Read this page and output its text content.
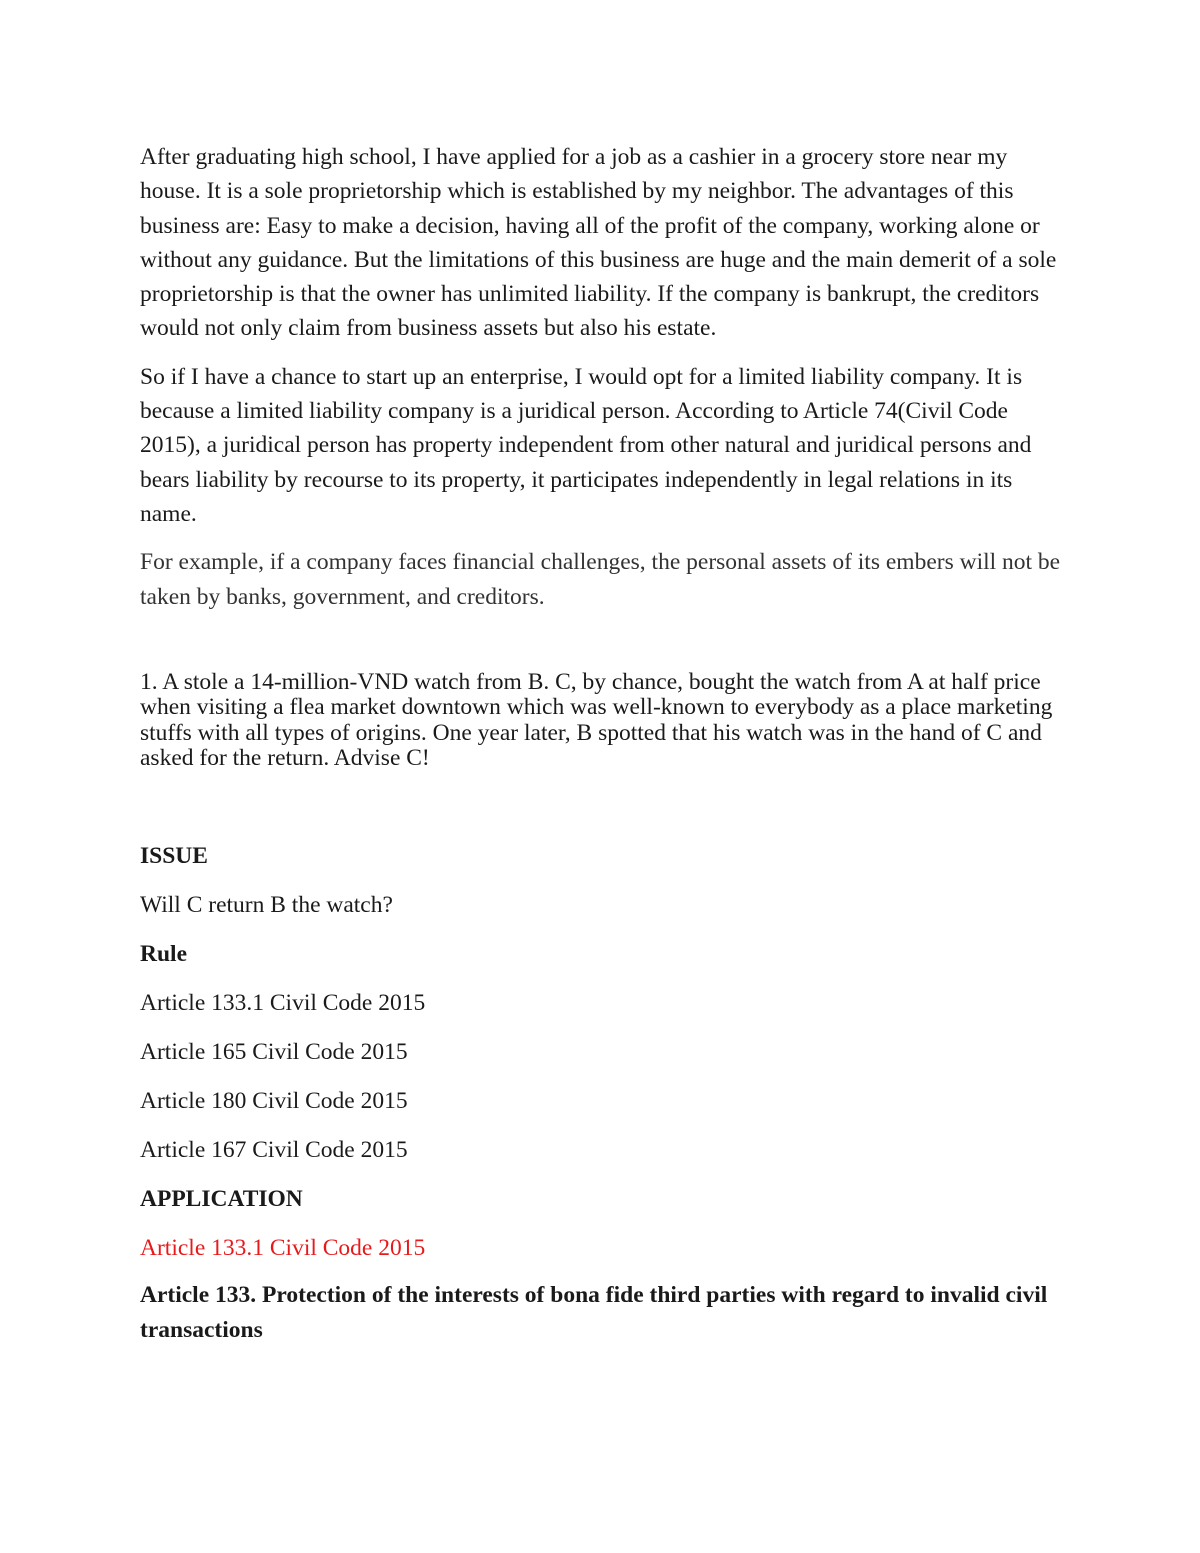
After graduating high school, I have applied for a job as a cashier in a grocery store near my house. It is a sole proprietorship which is established by my neighbor. The advantages of this business are: Easy to make a decision, having all of the profit of the company, working alone or without any guidance. But the limitations of this business are huge and the main demerit of a sole proprietorship is that the owner has unlimited liability. If the company is bankrupt, the creditors would not only claim from business assets but also his estate.

So if I have a chance to start up an enterprise, I would opt for a limited liability company. It is because a limited liability company is a juridical person. According to Article 74(Civil Code 2015), a juridical person has property independent from other natural and juridical persons and bears liability by recourse to its property, it participates independently in legal relations in its name.

For example, if a company faces financial challenges, the personal assets of its embers will not be taken by banks, government, and creditors.

1. A stole a 14-million-VND watch from B. C, by chance, bought the watch from A at half price when visiting a flea market downtown which was well-known to everybody as a place marketing stuffs with all types of origins. One year later, B spotted that his watch was in the hand of C and asked for the return. Advise C!

ISSUE

Will C return B the watch?

Rule

Article 133.1 Civil Code 2015

Article 165 Civil Code 2015

Article 180 Civil Code 2015

Article 167 Civil Code 2015

APPLICATION

Article 133.1 Civil Code 2015

Article 133. Protection of the interests of bona fide third parties with regard to invalid civil transactions
